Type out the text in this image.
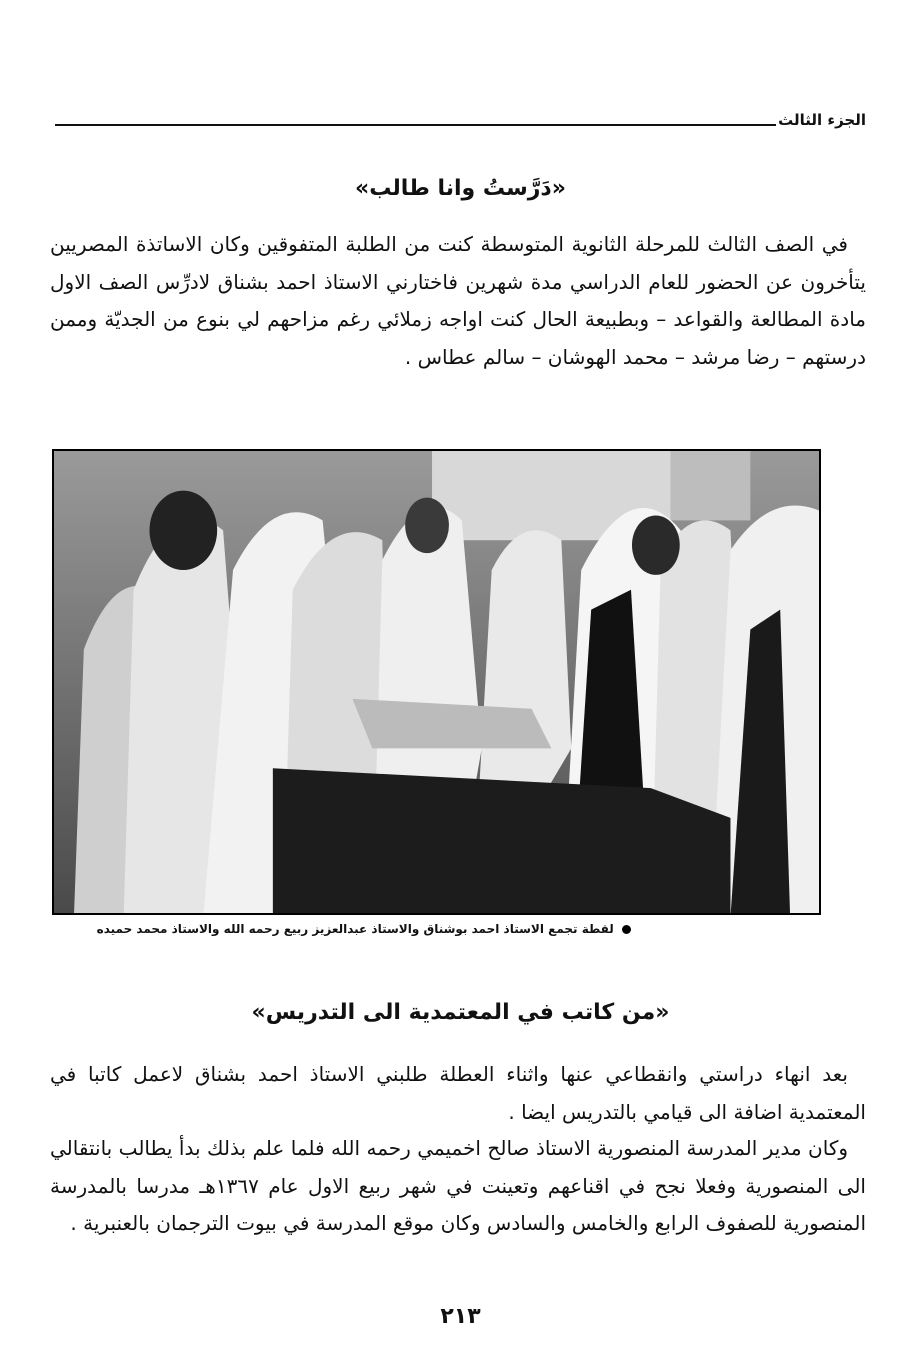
الجزء الثالث
«دَرَّستُ وانا طالب»
في الصف الثالث للمرحلة الثانوية المتوسطة كنت من الطلبة المتفوقين وكان الاساتذة المصريين يتأخرون عن الحضور للعام الدراسي مدة شهرين فاختارني الاستاذ احمد بشناق لادرِّس الصف الاول مادة المطالعة والقواعد – وبطبيعة الحال كنت اواجه زملائي رغم مزاحهم لي بنوع من الجديّة وممن درستهم – رضا مرشد – محمد الهوشان – سالم عطاس .
لقطة تجمع الاستاذ احمد بوشناق والاستاذ عبدالعزيز ربيع رحمه الله والاستاذ محمد حميده
«من كاتب في المعتمدية الى التدريس»
بعد انهاء دراستي وانقطاعي عنها واثناء العطلة طلبني الاستاذ احمد بشناق لاعمل كاتبا في المعتمدية اضافة الى قيامي بالتدريس ايضا .
وكان مدير المدرسة المنصورية الاستاذ صالح اخميمي رحمه الله فلما علم بذلك بدأ يطالب بانتقالي الى المنصورية وفعلا نجح في اقناعهم وتعينت في شهر ربيع الاول عام ١٣٦٧هـ مدرسا بالمدرسة المنصورية للصفوف الرابع والخامس والسادس وكان موقع المدرسة في بيوت الترجمان بالعنبرية .
٢١٣
